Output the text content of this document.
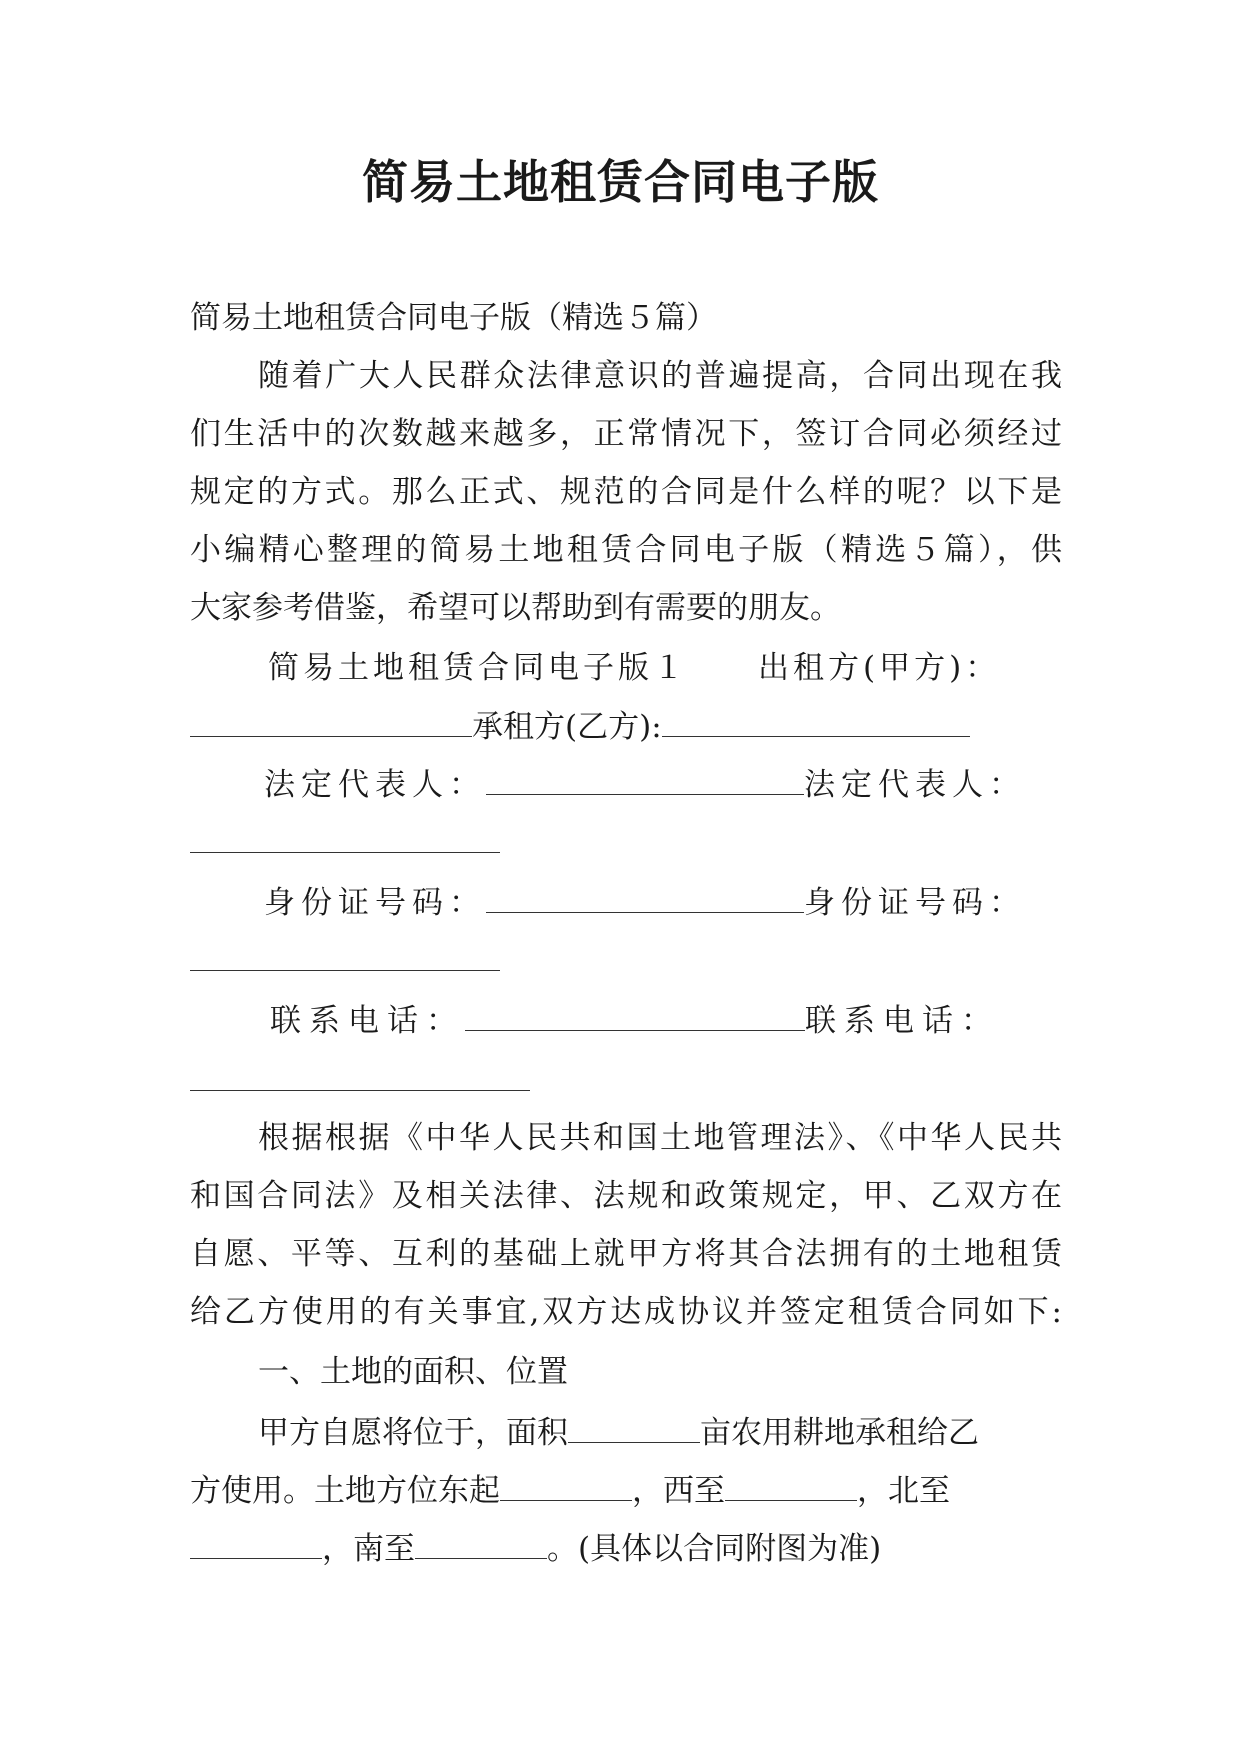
简易土地租赁合同电子版
简易土地租赁合同电子版（精选５篇）
随着广大人民群众法律意识的普遍提高，合同出现在我
们生活中的次数越来越多，正常情况下，签订合同必须经过
规定的方式。那么正式、规范的合同是什么样的呢？以下是
小编精心整理的简易土地租赁合同电子版（精选５篇），供
大家参考借鉴，希望可以帮助到有需要的朋友。
简易土地租赁合同电子版１ 出租方(甲方)：
承租方(乙方):
法定代表人：	法定代表人：
身份证号码：	身份证号码：
联系电话：	联系电话：
根据根据《中华人民共和国土地管理法》、《中华人民共
和国合同法》及相关法律、法规和政策规定，甲、乙双方在
自愿、平等、互利的基础上就甲方将其合法拥有的土地租赁
给乙方使用的有关事宜,双方达成协议并签定租赁合同如下:
一、土地的面积、位置
甲方自愿将位于，面积	亩农用耕地承租给乙
方使用。土地方位东起	，西至	，北至
，南至	。(具体以合同附图为准)
